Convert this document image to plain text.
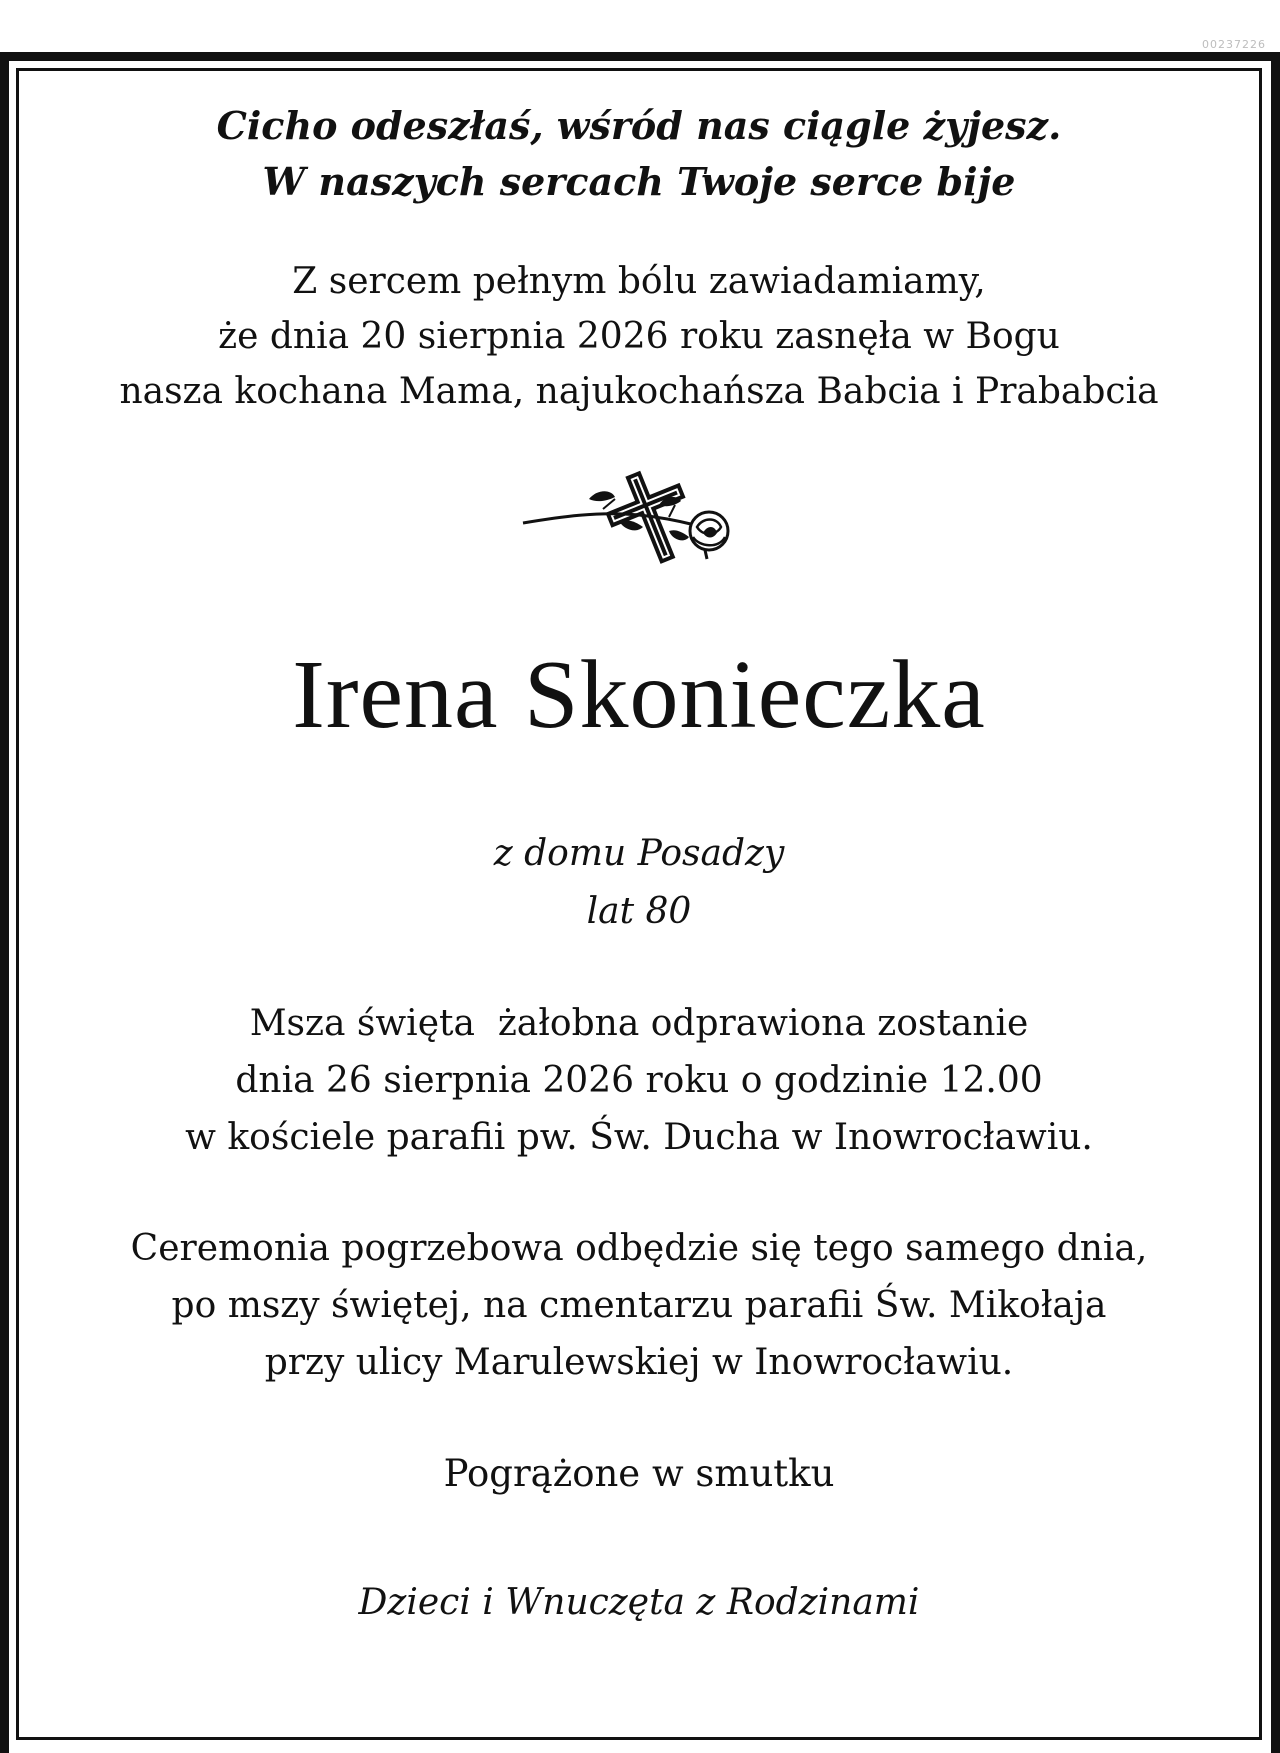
00237226
Cicho odeszłaś, wśród nas ciągle żyjesz.
W naszych sercach Twoje serce bije
Z sercem pełnym bólu zawiadamiamy,
że dnia 20 sierpnia 2026 roku zasnęła w Bogu
nasza kochana Mama, najukochańsza Babcia i Prababcia
Irena Skonieczka
z domu Posadzy
lat 80
Msza święta  żałobna odprawiona zostanie
dnia 26 sierpnia 2026 roku o godzinie 12.00
w kościele parafii pw. Św. Ducha w Inowrocławiu.
Ceremonia pogrzebowa odbędzie się tego samego dnia,
po mszy świętej, na cmentarzu parafii Św. Mikołaja
przy ulicy Marulewskiej w Inowrocławiu.
Pogrążone w smutku
Dzieci i Wnuczęta z Rodzinami
